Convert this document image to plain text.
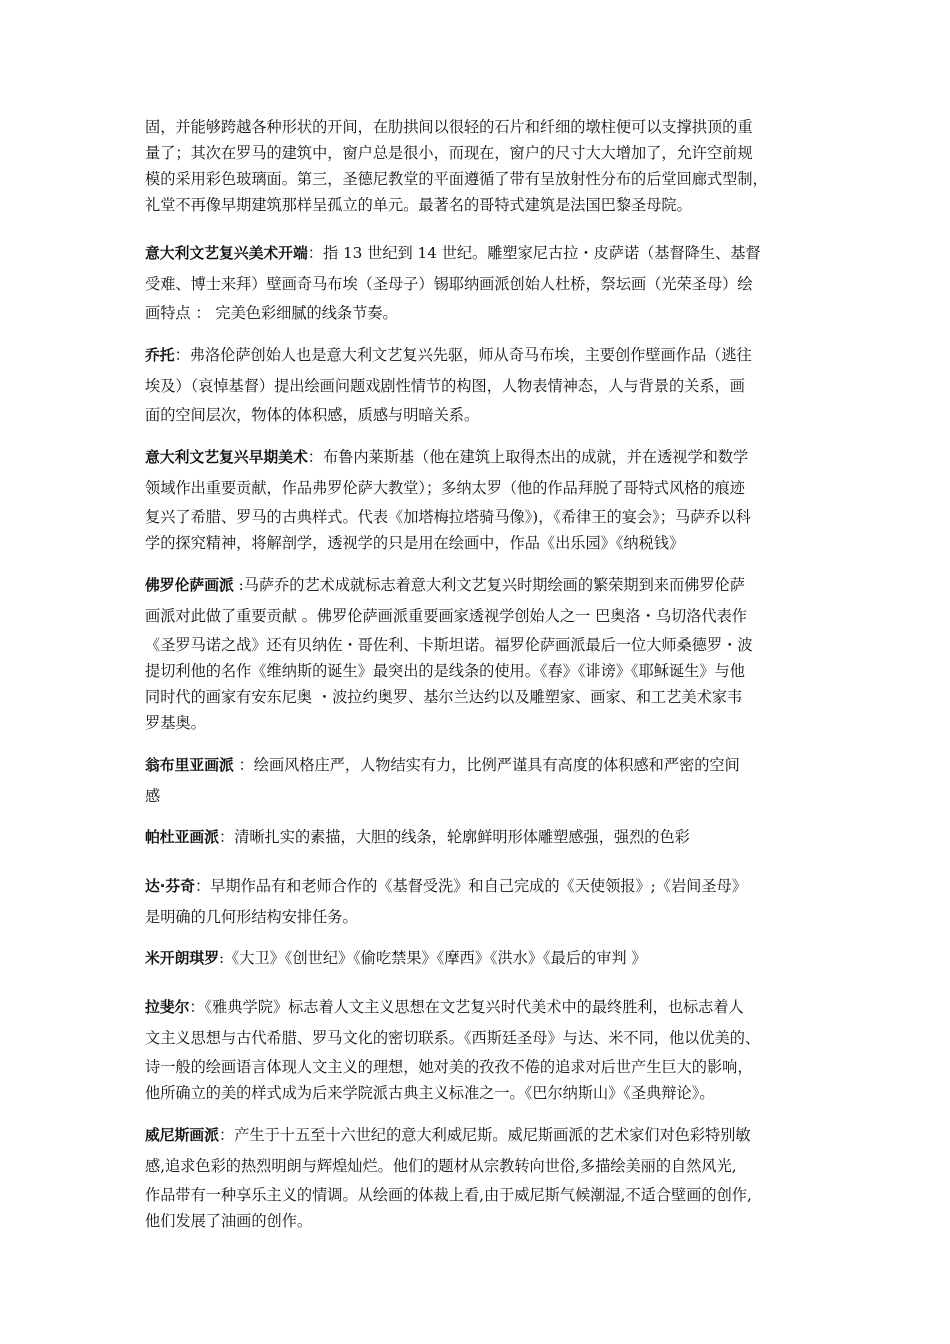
固，并能够跨越各种形状的开间，在肋拱间以很轻的石片和纤细的墩柱便可以支撑拱顶的重
量了；其次在罗马的建筑中，窗户总是很小，而现在，窗户的尺寸大大增加了，允许空前规
模的采用彩色玻璃面。第三，圣德尼教堂的平面遵循了带有呈放射性分布的后堂回廊式型制，
礼堂不再像早期建筑那样呈孤立的单元。最著名的哥特式建筑是法国巴黎圣母院。

意大利文艺复兴美术开端：指 13 世纪到 14 世纪。雕塑家尼古拉・皮萨诺（基督降生、基督
受难、博士来拜）壁画奇马布埃（圣母子）锡耶纳画派创始人杜桥，祭坛画（光荣圣母）绘
画特点 ： 完美色彩细腻的线条节奏。

乔托：弗洛伦萨创始人也是意大利文艺复兴先驱，师从奇马布埃，主要创作壁画作品（逃往
埃及）（哀悼基督）提出绘画问题戏剧性情节的构图，人物表情神态，人与背景的关系，画
面的空间层次，物体的体积感，质感与明暗关系。

意大利文艺复兴早期美术：布鲁内莱斯基（他在建筑上取得杰出的成就，并在透视学和数学
领域作出重要贡献，作品弗罗伦萨大教堂）；多纳太罗（他的作品拜脱了哥特式风格的痕迹
复兴了希腊、罗马的古典样式。代表《加塔梅拉塔骑马像》)，《希律王的宴会》；马萨乔以科
学的探究精神，将解剖学，透视学的只是用在绘画中，作品《出乐园》《纳税钱》

佛罗伦萨画派 :马萨乔的艺术成就标志着意大利文艺复兴时期绘画的繁荣期到来而佛罗伦萨
画派对此做了重要贡献 。佛罗伦萨画派重要画家透视学创始人之一 巴奥洛・乌切洛代表作
《圣罗马诺之战》还有贝纳佐・哥佐利、卡斯坦诺。福罗伦萨画派最后一位大师桑德罗・波
提切利他的名作《维纳斯的诞生》最突出的是线条的使用。《春》《诽谤》《耶稣诞生》与他
同时代的画家有安东尼奥 ・波拉约奥罗、基尔兰达约以及雕塑家、画家、和工艺美术家韦
罗基奥。

翁布里亚画派 ：绘画风格庄严，人物结实有力，比例严谨具有高度的体积感和严密的空间
感

帕杜亚画派：清晰扎实的素描，大胆的线条，轮廓鲜明形体雕塑感强，强烈的色彩

达·芬奇：早期作品有和老师合作的《基督受洗》和自己完成的《天使领报》;《岩间圣母》
是明确的几何形结构安排任务。

米开朗琪罗:《大卫》《创世纪》《偷吃禁果》《摩西》《洪水》《最后的审判 》

拉斐尔：《雅典学院》标志着人文主义思想在文艺复兴时代美术中的最终胜利，也标志着人
文主义思想与古代希腊、罗马文化的密切联系。《西斯廷圣母》与达、米不同，他以优美的、
诗一般的绘画语言体现人文主义的理想，她对美的孜孜不倦的追求对后世产生巨大的影响，
他所确立的美的样式成为后来学院派古典主义标准之一。《巴尔纳斯山》《圣典辩论》。

威尼斯画派：产生于十五至十六世纪的意大利威尼斯。威尼斯画派的艺术家们对色彩特别敏
感,追求色彩的热烈明朗与辉煌灿烂。他们的题材从宗教转向世俗,多描绘美丽的自然风光,
作品带有一种享乐主义的情调。从绘画的体裁上看,由于威尼斯气候潮湿,不适合壁画的创作,
他们发展了油画的创作。
